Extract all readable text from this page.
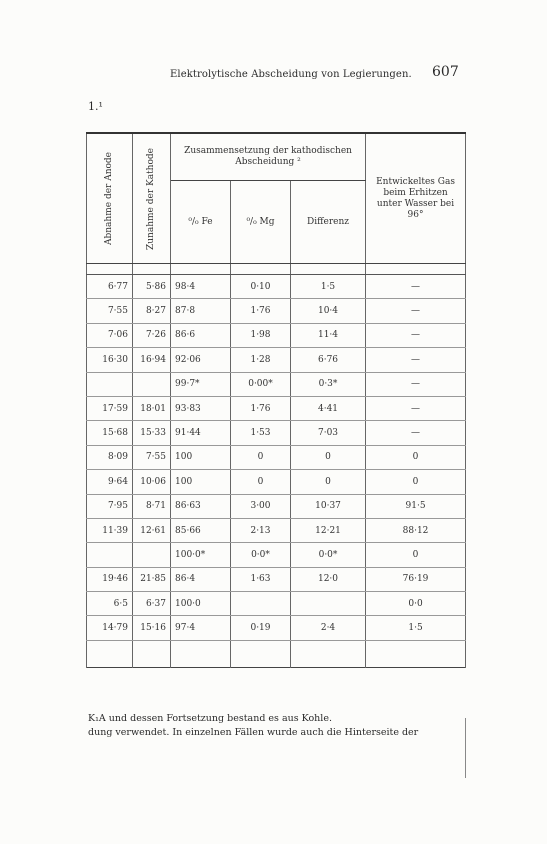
Elektrolytische Abscheidung von Legierungen. 607
1.¹
Abnahme der Anode	Zunahme der Kathode	Zusammensetzung der kathodischen Abscheidung ²			Entwickeltes Gas beim Erhitzen unter Wasser bei 96°

		⁰/₀ Fe	⁰/₀ Mg	Differenz	

6·77	5·86	98·4	0·10	1·5	—
7·55	8·27	87·8	1·76	10·4	—
7·06	7·26	86·6	1·98	11·4	—
16·30	16·94	92·06	1·28	6·76	—
		99·7*	0·00*	0·3*	—
17·59	18·01	93·83	1·76	4·41	—
15·68	15·33	91·44	1·53	7·03	—
8·09	7·55	100	0	0	0
9·64	10·06	100	0	0	0
7·95	8·71	86·63	3·00	10·37	91·5
11·39	12·61	85·66	2·13	12·21	88·12
		100·0*	0·0*	0·0*	0
19·46	21·85	86·4	1·63	12·0	76·19
6·5	6·37	100·0			0·0
14·79	15·16	97·4	0·19	2·4	1·5

K₁A und dessen Fortsetzung bestand es aus Kohle.
dung verwendet. In einzelnen Fällen wurde auch die Hinterseite der
